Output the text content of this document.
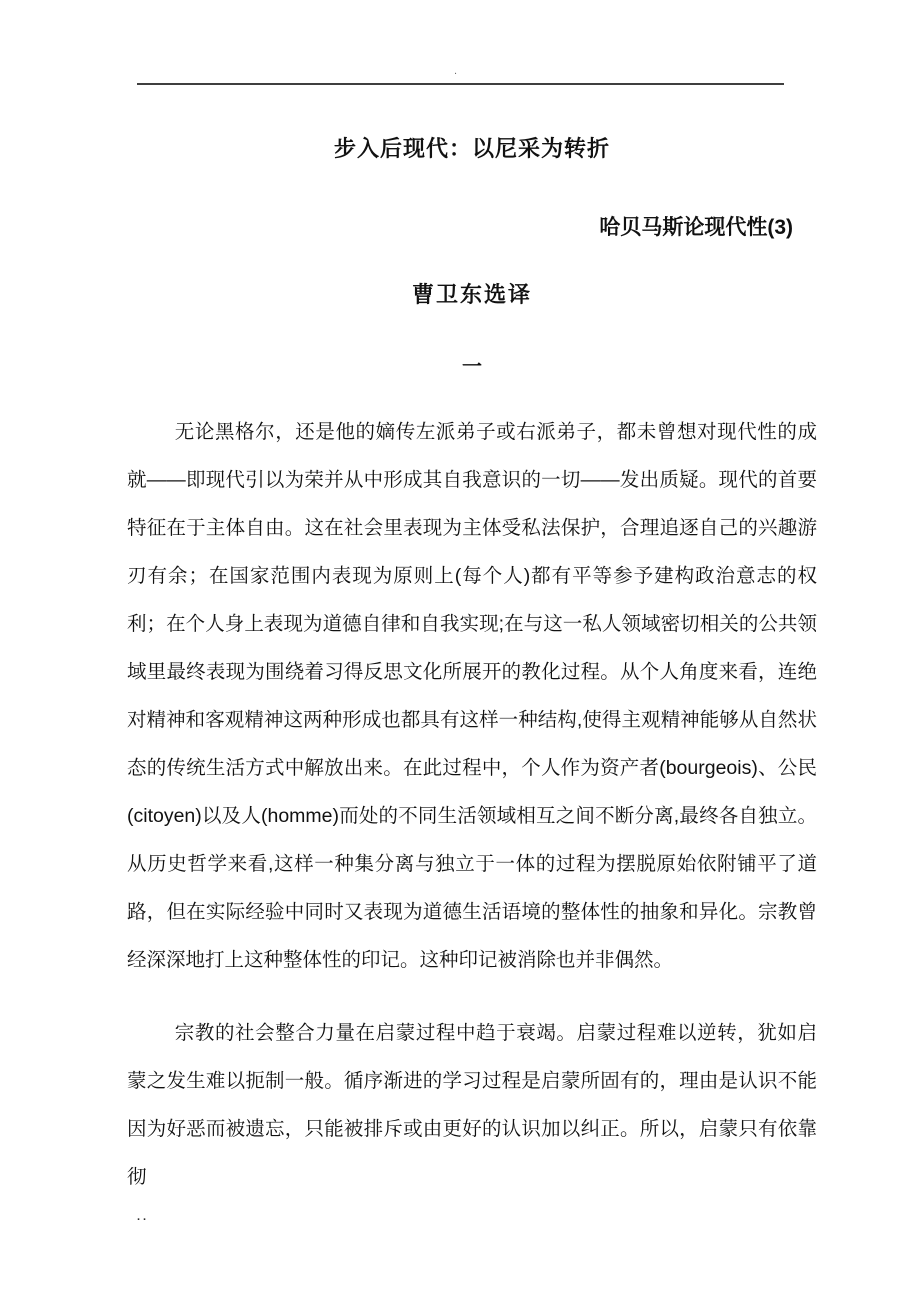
.
步入后现代：以尼采为转折
哈贝马斯论现代性(3)
曹卫东选译
一

无论黑格尔，还是他的嫡传左派弟子或右派弟子，都未曾想对现代性的成就——即现代引以为荣并从中形成其自我意识的一切——发出质疑。现代的首要特征在于主体自由。这在社会里表现为主体受私法保护，合理追逐自己的兴趣游刃有余；在国家范围内表现为原则上(每个人)都有平等参予建构政治意志的权利；在个人身上表现为道德自律和自我实现;在与这一私人领域密切相关的公共领域里最终表现为围绕着习得反思文化所展开的教化过程。从个人角度来看，连绝对精神和客观精神这两种形成也都具有这样一种结构,使得主观精神能够从自然状态的传统生活方式中解放出来。在此过程中，个人作为资产者(bourgeois)、公民(citoyen)以及人(homme)而处的不同生活领域相互之间不断分离,最终各自独立。从历史哲学来看,这样一种集分离与独立于一体的过程为摆脱原始依附铺平了道路，但在实际经验中同时又表现为道德生活语境的整体性的抽象和异化。宗教曾经深深地打上这种整体性的印记。这种印记被消除也并非偶然。

宗教的社会整合力量在启蒙过程中趋于衰竭。启蒙过程难以逆转，犹如启蒙之发生难以扼制一般。循序渐进的学习过程是启蒙所固有的，理由是认识不能因为好恶而被遗忘，只能被排斥或由更好的认识加以纠正。所以，启蒙只有依靠彻

..
